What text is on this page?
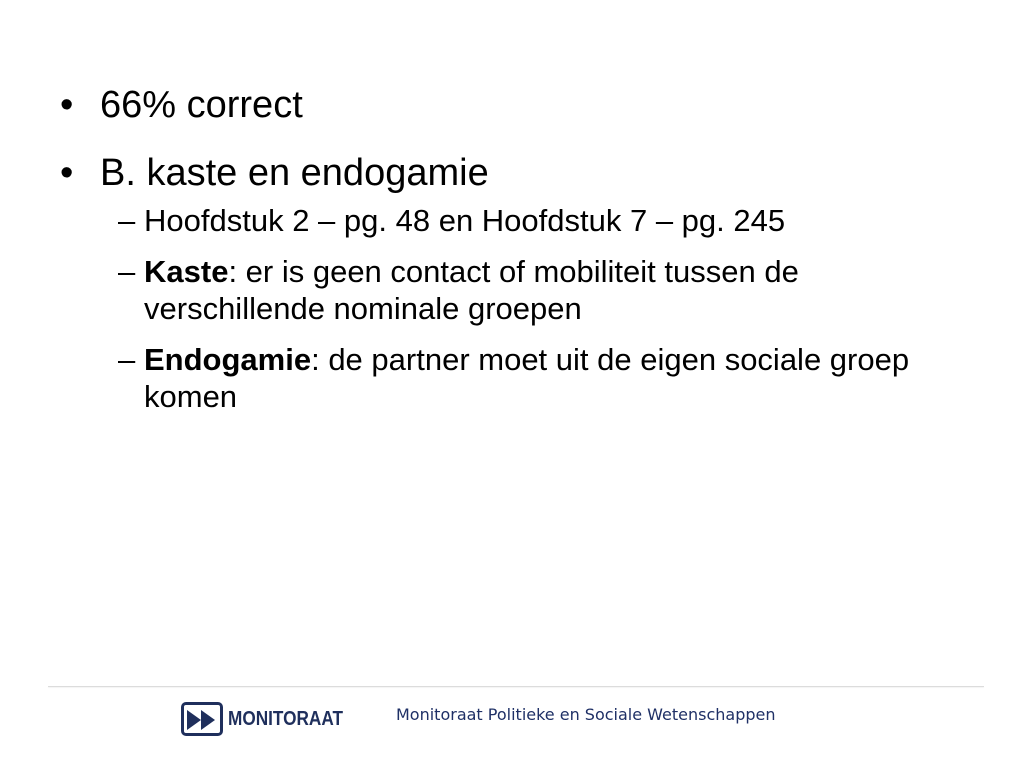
• 66% correct
• B. kaste en endogamie
– Hoofdstuk 2 – pg. 48 en Hoofdstuk 7 – pg. 245
– Kaste: er is geen contact of mobiliteit tussen de verschillende nominale groepen
– Endogamie: de partner moet uit de eigen sociale groep komen
MONITORAAT	Monitoraat Politieke en Sociale Wetenschappen
